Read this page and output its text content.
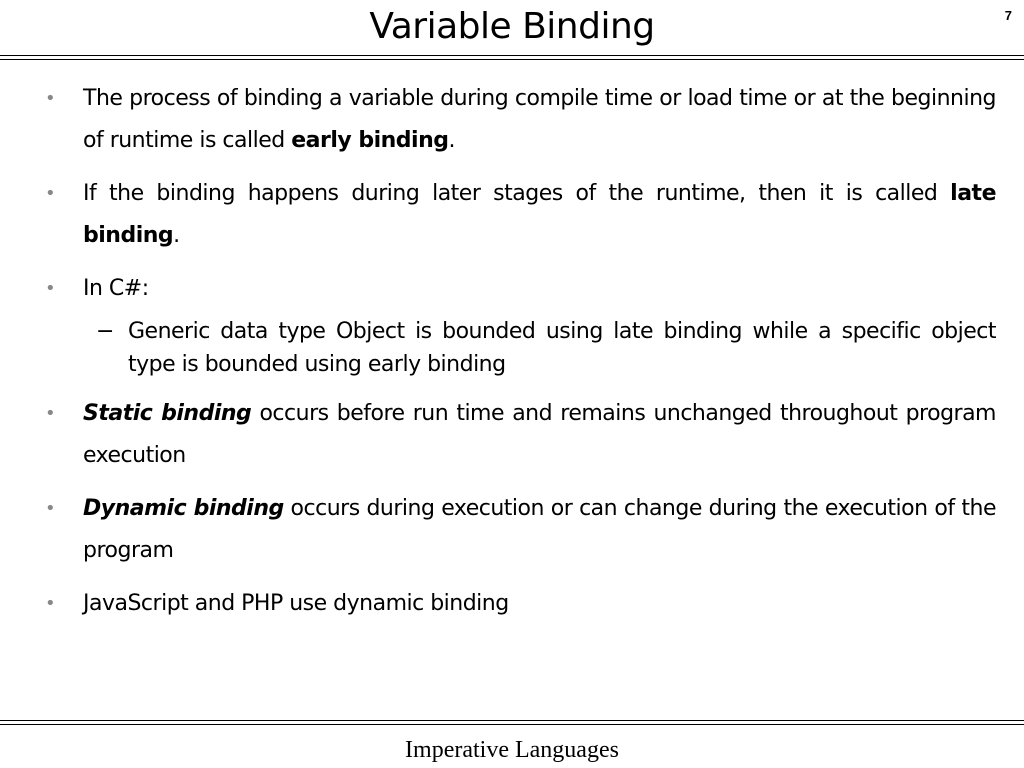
Variable Binding	7
• The process of binding a variable during compile time or load time or at the beginning of runtime is called early binding.
• If the binding happens during later stages of the runtime, then it is called late binding.
• In C#:
− Generic data type Object is bounded using late binding while a specific object type is bounded using early binding
• Static binding occurs before run time and remains unchanged throughout program execution
• Dynamic binding occurs during execution or can change during the execution of the program
• JavaScript and PHP use dynamic binding
Imperative Languages
